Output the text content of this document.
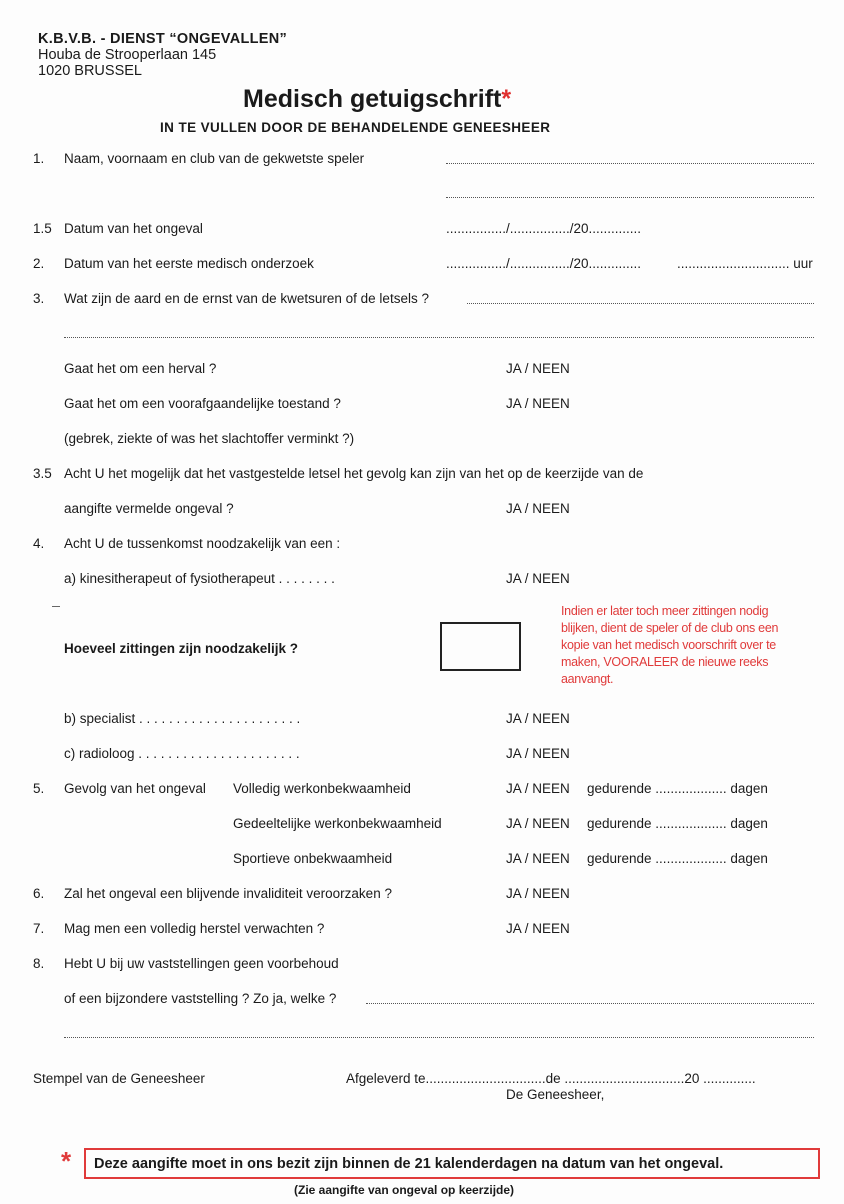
K.B.V.B. - DIENST “ONGEVALLEN”
Houba de Strooperlaan 145
1020 BRUSSEL
Medisch getuigschrift*
IN TE VULLEN DOOR DE BEHANDELENDE GENEESHEER
1. Naam, voornaam en club van de gekwetste speler
1.5 Datum van het ongeval	................/................/20..............
2. Datum van het eerste medisch onderzoek	................/................/20..............	.............................. uur
3. Wat zijn de aard en de ernst van de kwetsuren of de letsels ?
Gaat het om een herval ?	JA / NEEN
Gaat het om een voorafgaandelijke toestand ?	JA / NEEN
(gebrek, ziekte of was het slachtoffer verminkt ?)
3.5 Acht U het mogelijk dat het vastgestelde letsel het gevolg kan zijn van het op de keerzijde van de
aangifte vermelde ongeval ?	JA / NEEN
4. Acht U de tussenkomst noodzakelijk van een :
a) kinesitherapeut of fysiotherapeut . . . . . . . .	JA / NEEN
Hoeveel zittingen zijn noodzakelijk ?
Indien er later toch meer zittingen nodig blijken, dient de speler of de club ons een kopie van het medisch voorschrift over te maken, VOORALEER de nieuwe reeks aanvangt.
b) specialist . . . . . . . . . . . . . . . . . . . . . .	JA / NEEN
c) radioloog . . . . . . . . . . . . . . . . . . . . . .	JA / NEEN
5. Gevolg van het ongeval Volledig werkonbekwaamheid	JA / NEEN gedurende ................... dagen
Gedeeltelijke werkonbekwaamheid	JA / NEEN gedurende ................... dagen
Sportieve onbekwaamheid	JA / NEEN gedurende ................... dagen
6. Zal het ongeval een blijvende invaliditeit veroorzaken ?	JA / NEEN
7. Mag men een volledig herstel verwachten ?	JA / NEEN
8. Hebt U bij uw vaststellingen geen voorbehoud
of een bijzondere vaststelling ? Zo ja, welke ?
Stempel van de Geneesheer	Afgeleverd te................................de ................................20 ..............
De Geneesheer,
* Deze aangifte moet in ons bezit zijn binnen de 21 kalenderdagen na datum van het ongeval.
(Zie aangifte van ongeval op keerzijde)
